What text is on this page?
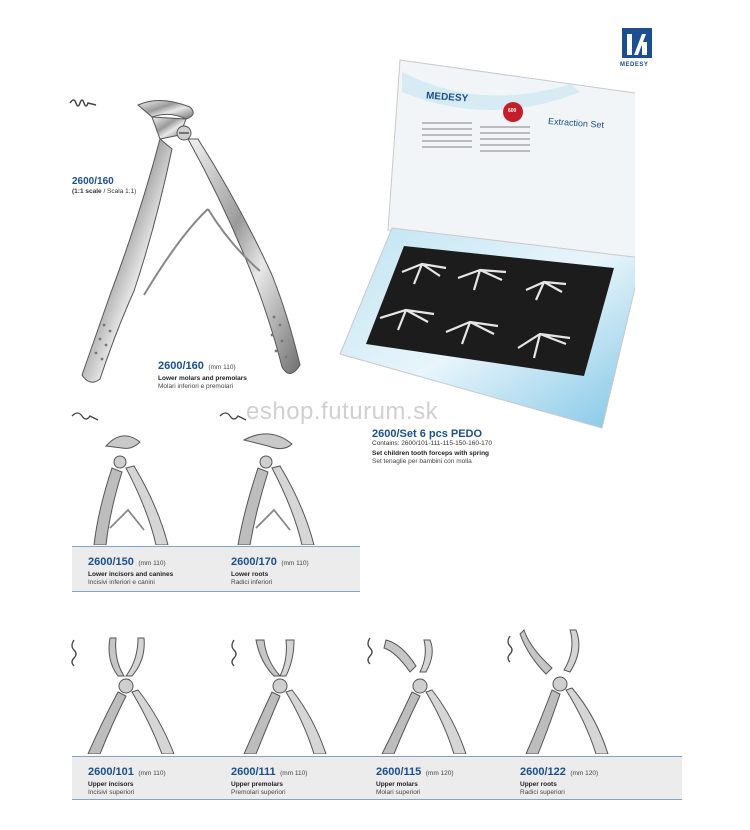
MEDESY
2600/160
(1:1 scale / Scala 1:1)
2600/160 (mm 110)
Lower molars and premolars
Molari inferiori e premolari
MEDESY
Extraction Set
600
eshop.futurum.sk
2600/Set 6 pcs PEDO
Contains: 2600/101-111-115-150-160-170
Set children tooth forceps with spring
Set tenaglie per bambini con molla
2600/150 (mm 110)
Lower incisors and canines
Incisivi inferiori e canini
2600/170 (mm 110)
Lower roots
Radici inferiori
2600/101 (mm 110)
Upper incisors
Incisivi superiori
2600/111 (mm 110)
Upper premolars
Premolari superiori
2600/115 (mm 120)
Upper molars
Molari superiori
2600/122 (mm 120)
Upper roots
Radici superiori
